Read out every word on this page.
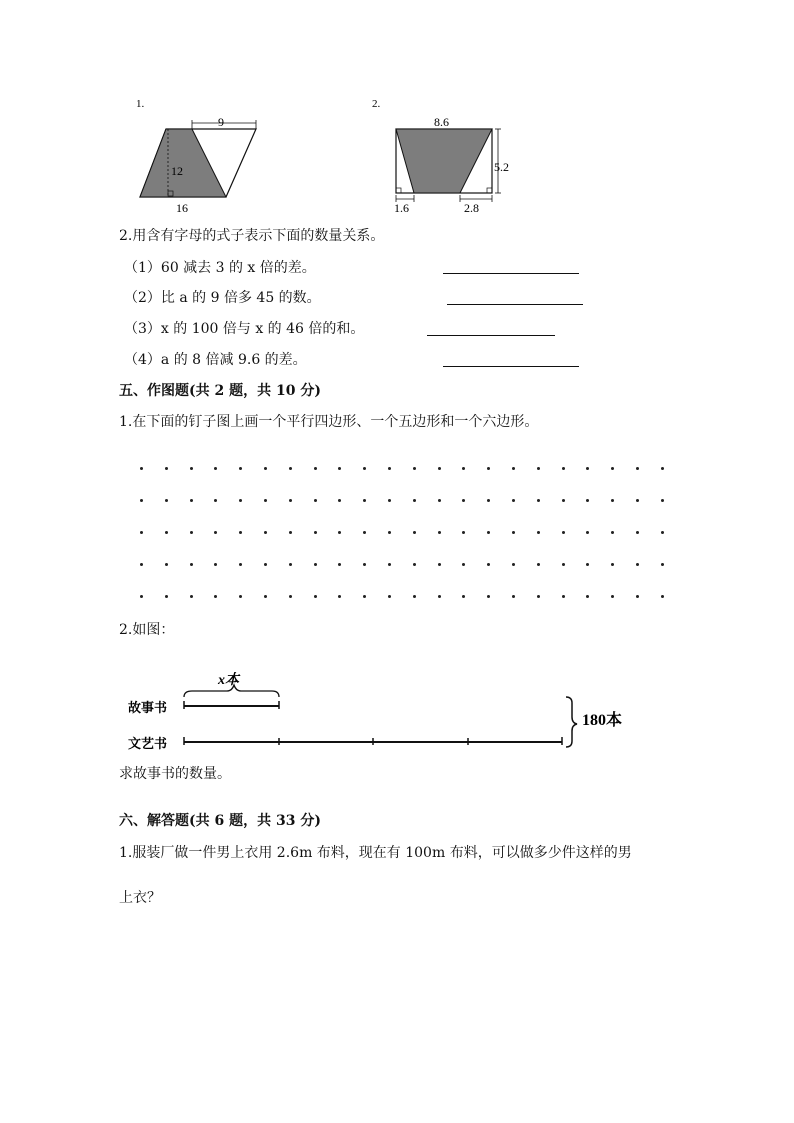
1.
9
12
16
2.
8.6
5.2
1.6	2.8
2.用含有字母的式子表示下面的数量关系。
（1）60 减去 3 的 x 倍的差。
（2）比 a 的 9 倍多 45 的数。
（3）x 的 100 倍与 x 的 46 倍的和。
（4）a 的 8 倍减 9.6 的差。
五、作图题(共 2 题，共 10 分)
1.在下面的钉子图上画一个平行四边形、一个五边形和一个六边形。
2.如图：
x本
故事书
文艺书
180本
求故事书的数量。
六、解答题(共 6 题，共 33 分)
1.服装厂做一件男上衣用 2.6m 布料，现在有 100m 布料，可以做多少件这样的男
上衣？
